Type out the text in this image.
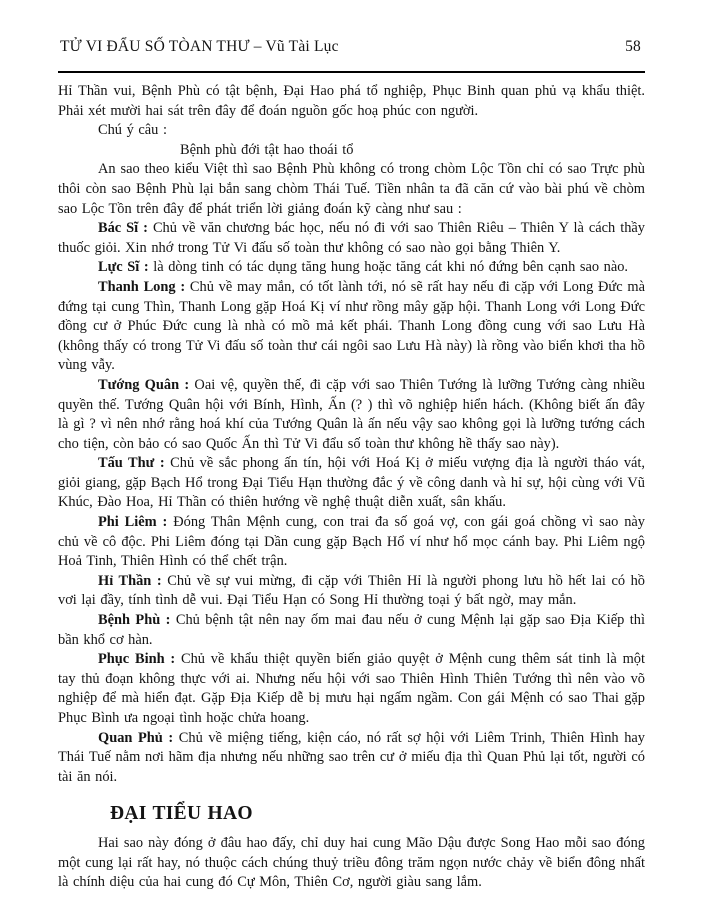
TỬ VI ĐẨU SỐ TÒAN THƯ – Vũ Tài Lục	58

Hỉ Thần vui, Bệnh Phù có tật bệnh, Đại Hao phá tổ nghiệp, Phục Binh quan phủ vạ khẩu thiệt. Phải xét mười hai sát trên đây để đoán nguồn gốc hoạ phúc con người.

Chú ý câu :

Bệnh phù đới tật hao thoái tổ

An sao theo kiểu Việt thì sao Bệnh Phù không có trong chòm Lộc Tồn chỉ có sao Trực phù thôi còn sao Bệnh Phù lại bắn sang chòm Thái Tuế. Tiền nhân ta đã căn cứ vào bài phú về chòm sao Lộc Tồn trên đây để phát triển lời giảng đoán kỹ càng như sau :

Bác Sĩ : Chủ về văn chương bác học, nếu nó đi với sao Thiên Riêu – Thiên Y là cách thầy thuốc giỏi. Xin nhớ trong Tử Vi đấu số toàn thư không có sao nào gọi bằng Thiên Y.

Lực Sĩ : là dòng tinh có tác dụng tăng hung hoặc tăng cát khi nó đứng bên cạnh sao nào.

Thanh Long : Chủ về may mắn, có tốt lành tới, nó sẽ rất hay nếu đi cặp với Long Đức mà đứng tại cung Thìn, Thanh Long gặp Hoá Kị ví như rồng mây gặp hội. Thanh Long với Long Đức đồng cư ở Phúc Đức cung là nhà có mồ mả kết phái. Thanh Long đồng cung với sao Lưu Hà (không thấy có trong Tử Vi đấu số toàn thư cái ngôi sao Lưu Hà này) là rồng vào biển khơi tha hồ vùng vẫy.

Tướng Quân : Oai vệ, quyền thế, đi cặp với sao Thiên Tướng là lưỡng Tướng càng nhiều quyền thế. Tướng Quân hội với Bính, Hình, Ấn (? ) thì võ nghiệp hiển hách. (Không biết ấn đây là gì ? vì nên nhớ rằng hoá khí của Tướng Quân là ấn nếu vậy sao không gọi là lưỡng tướng cách cho tiện, còn bảo có sao Quốc Ấn thì Tử Vi đẩu số toàn thư không hề thấy sao này).

Tấu Thư : Chủ về sắc phong ấn tín, hội với Hoá Kị ở miếu vượng địa là người tháo vát, giỏi giang, gặp Bạch Hổ trong Đại Tiểu Hạn thường đắc ý về công danh và hỉ sự, hội cùng với Vũ Khúc, Đào Hoa, Hỉ Thần có thiên hướng về nghệ thuật diễn xuất, sân khấu.

Phi Liêm : Đóng Thân Mệnh cung, con trai đa số goá vợ, con gái goá chồng vì sao này chủ về cô độc. Phi Liêm đóng tại Dần cung gặp Bạch Hổ ví như hổ mọc cánh bay. Phi Liêm ngộ Hoả Tinh, Thiên Hình có thể chết trận.

Hỉ Thần : Chủ về sự vui mừng, đi cặp với Thiên Hỉ là người phong lưu hồ hết lai có hồ vơi lại đầy, tính tình dễ vui. Đại Tiểu Hạn có Song Hỉ thường toại ý bất ngờ, may mắn.

Bệnh Phù : Chủ bệnh tật nên nay ốm mai đau nếu ở cung Mệnh lại gặp sao Địa Kiếp thì bần khổ cơ hàn.

Phục Binh : Chủ về khẩu thiệt quyền biến giảo quyệt ở Mệnh cung thêm sát tinh là một tay thủ đoạn không thực với ai. Nhưng nếu hội với sao Thiên Hình Thiên Tướng thì nên vào võ nghiệp để mà hiển đạt. Gặp Địa Kiếp dễ bị mưu hại ngấm ngầm. Con gái Mệnh có sao Thai gặp Phục Bình ưa ngoại tình hoặc chửa hoang.

Quan Phủ : Chủ về miệng tiếng, kiện cáo, nó rất sợ hội với Liêm Trinh, Thiên Hình hay Thái Tuế nằm nơi hãm địa nhưng nếu những sao trên cư ở miếu địa thì Quan Phủ lại tốt, người có tài ăn nói.

ĐẠI TIỂU HAO

Hai sao này đóng ở đâu hao đấy, chỉ duy hai cung Mão Dậu được Song Hao mỗi sao đóng một cung lại rất hay, nó thuộc cách chúng thuỷ triều đông trăm ngọn nước chảy về biển đông nhất là chính diệu của hai cung đó Cự Môn, Thiên Cơ, người giàu sang lắm.
